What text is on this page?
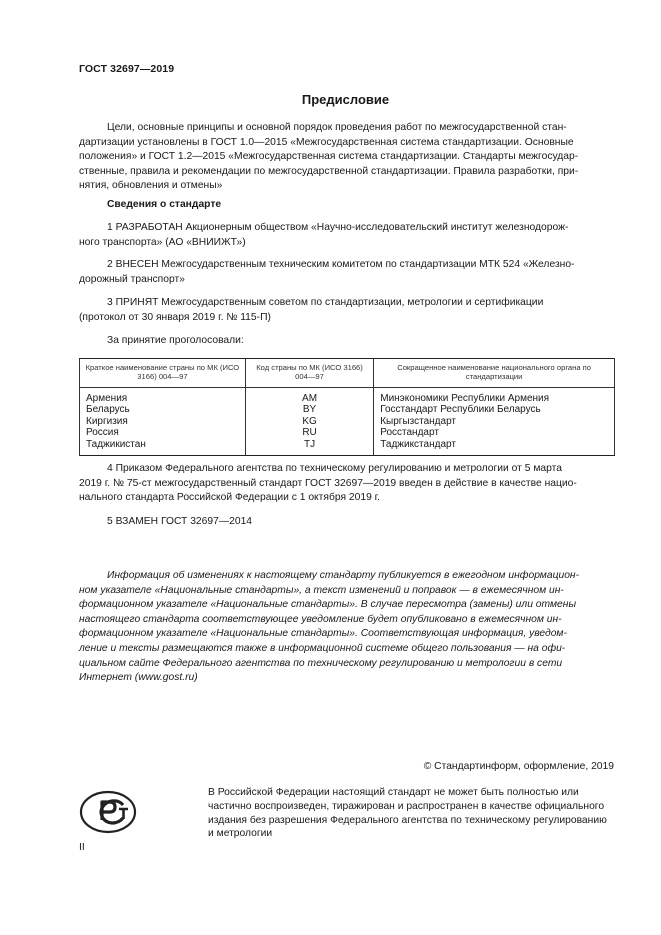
ГОСТ 32697—2019
Предисловие
Цели, основные принципы и основной порядок проведения работ по межгосударственной стан-
дартизации установлены в ГОСТ 1.0—2015 «Межгосударственная система стандартизации. Основные
положения» и ГОСТ 1.2—2015 «Межгосударственная система стандартизации. Стандарты межгосудар-
ственные, правила и рекомендации по межгосударственной стандартизации. Правила разработки, при-
нятия, обновления и отмены»
Сведения о стандарте
1 РАЗРАБОТАН Акционерным обществом «Научно-исследовательский институт железнодорож-
ного транспорта» (АО «ВНИИЖТ»)
2 ВНЕСЕН Межгосударственным техническим комитетом по стандартизации МТК 524 «Железно-
дорожный транспорт»
3 ПРИНЯТ Межгосударственным советом по стандартизации, метрологии и сертификации
(протокол от 30 января 2019 г. № 115-П)
За принятие проголосовали:
Краткое наименование страны по МК (ИСО 3166) 004—97	Код страны по МК (ИСО 3166) 004—97	Сокращенное наименование национального органа по стандартизации
Армения	AM	Минэкономики Республики Армения
Беларусь	BY	Госстандарт Республики Беларусь
Киргизия	KG	Кыргызстандарт
Россия	RU	Росстандарт
Таджикистан	TJ	Таджикстандарт
4 Приказом Федерального агентства по техническому регулированию и метрологии от 5 марта
2019 г. № 75-ст межгосударственный стандарт ГОСТ 32697—2019 введен в действие в качестве нацио-
нального стандарта Российской Федерации с 1 октября 2019 г.
5 ВЗАМЕН ГОСТ 32697—2014
Информация об изменениях к настоящему стандарту публикуется в ежегодном информацион-
ном указателе «Национальные стандарты», а текст изменений и поправок — в ежемесячном ин-
формационном указателе «Национальные стандарты». В случае пересмотра (замены) или отмены
настоящего стандарта соответствующее уведомление будет опубликовано в ежемесячном ин-
формационном указателе «Национальные стандарты». Соответствующая информация, уведом-
ление и тексты размещаются также в информационной системе общего пользования — на офи-
циальном сайте Федерального агентства по техническому регулированию и метрологии в сети
Интернет (www.gost.ru)
© Стандартинформ, оформление, 2019
В Российской Федерации настоящий стандарт не может быть полностью или
частично воспроизведен, тиражирован и распространен в качестве официального
издания без разрешения Федерального агентства по техническому регулированию
и метрологии
II
